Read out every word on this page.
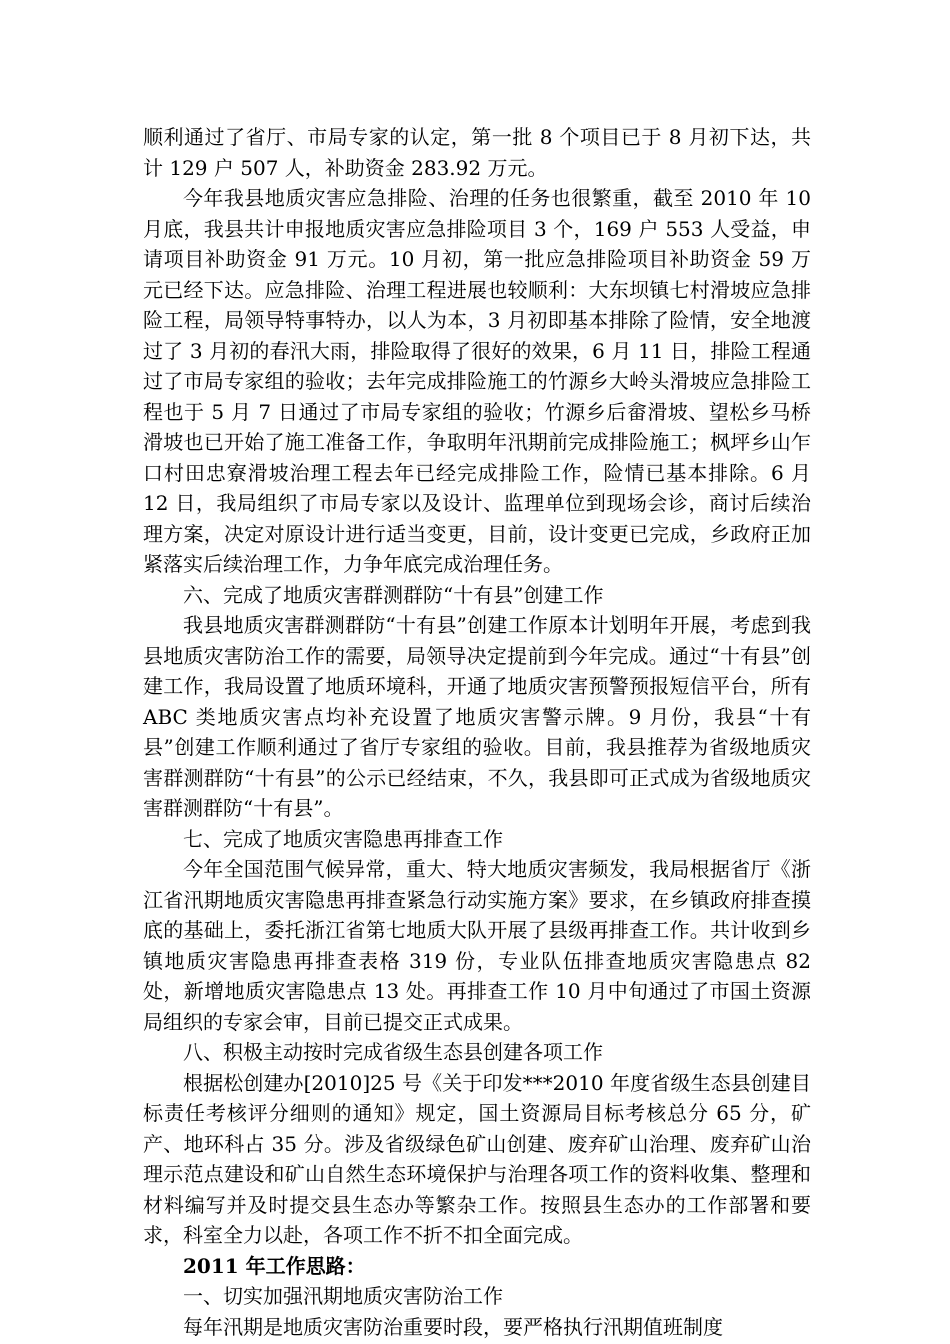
顺利通过了省厅、市局专家的认定，第一批 8 个项目已于 8 月初下达，共计 129 户 507 人，补助资金 283.92 万元。

今年我县地质灾害应急排险、治理的任务也很繁重，截至 2010 年 10 月底，我县共计申报地质灾害应急排险项目 3 个，169 户 553 人受益，申请项目补助资金 91 万元。10 月初，第一批应急排险项目补助资金 59 万元已经下达。应急排险、治理工程进展也较顺利：大东坝镇七村滑坡应急排险工程，局领导特事特办，以人为本，3 月初即基本排除了险情，安全地渡过了 3 月初的春汛大雨，排险取得了很好的效果，6 月 11 日，排险工程通过了市局专家组的验收；去年完成排险施工的竹源乡大岭头滑坡应急排险工程也于 5 月 7 日通过了市局专家组的验收；竹源乡后畲滑坡、望松乡马桥滑坡也已开始了施工准备工作，争取明年汛期前完成排险施工；枫坪乡山乍口村田忠寮滑坡治理工程去年已经完成排险工作，险情已基本排除。6 月 12 日，我局组织了市局专家以及设计、监理单位到现场会诊，商讨后续治理方案，决定对原设计进行适当变更，目前，设计变更已完成，乡政府正加紧落实后续治理工作，力争年底完成治理任务。

六、完成了地质灾害群测群防“十有县”创建工作

我县地质灾害群测群防“十有县”创建工作原本计划明年开展，考虑到我县地质灾害防治工作的需要，局领导决定提前到今年完成。通过“十有县”创建工作，我局设置了地质环境科，开通了地质灾害预警预报短信平台，所有 ABC 类地质灾害点均补充设置了地质灾害警示牌。9 月份，我县“十有县”创建工作顺利通过了省厅专家组的验收。目前，我县推荐为省级地质灾害群测群防“十有县”的公示已经结束，不久，我县即可正式成为省级地质灾害群测群防“十有县”。

七、完成了地质灾害隐患再排查工作

今年全国范围气候异常，重大、特大地质灾害频发，我局根据省厅《浙江省汛期地质灾害隐患再排查紧急行动实施方案》要求，在乡镇政府排查摸底的基础上，委托浙江省第七地质大队开展了县级再排查工作。共计收到乡镇地质灾害隐患再排查表格 319 份，专业队伍排查地质灾害隐患点 82 处，新增地质灾害隐患点 13 处。再排查工作 10 月中旬通过了市国土资源局组织的专家会审，目前已提交正式成果。

八、积极主动按时完成省级生态县创建各项工作

根据松创建办[2010]25 号《关于印发***2010 年度省级生态县创建目标责任考核评分细则的通知》规定，国土资源局目标考核总分 65 分，矿产、地环科占 35 分。涉及省级绿色矿山创建、废弃矿山治理、废弃矿山治理示范点建设和矿山自然生态环境保护与治理各项工作的资料收集、整理和材料编写并及时提交县生态办等繁杂工作。按照县生态办的工作部署和要求，科室全力以赴，各项工作不折不扣全面完成。

2011 年工作思路：

一、切实加强汛期地质灾害防治工作

每年汛期是地质灾害防治重要时段，要严格执行汛期值班制度
